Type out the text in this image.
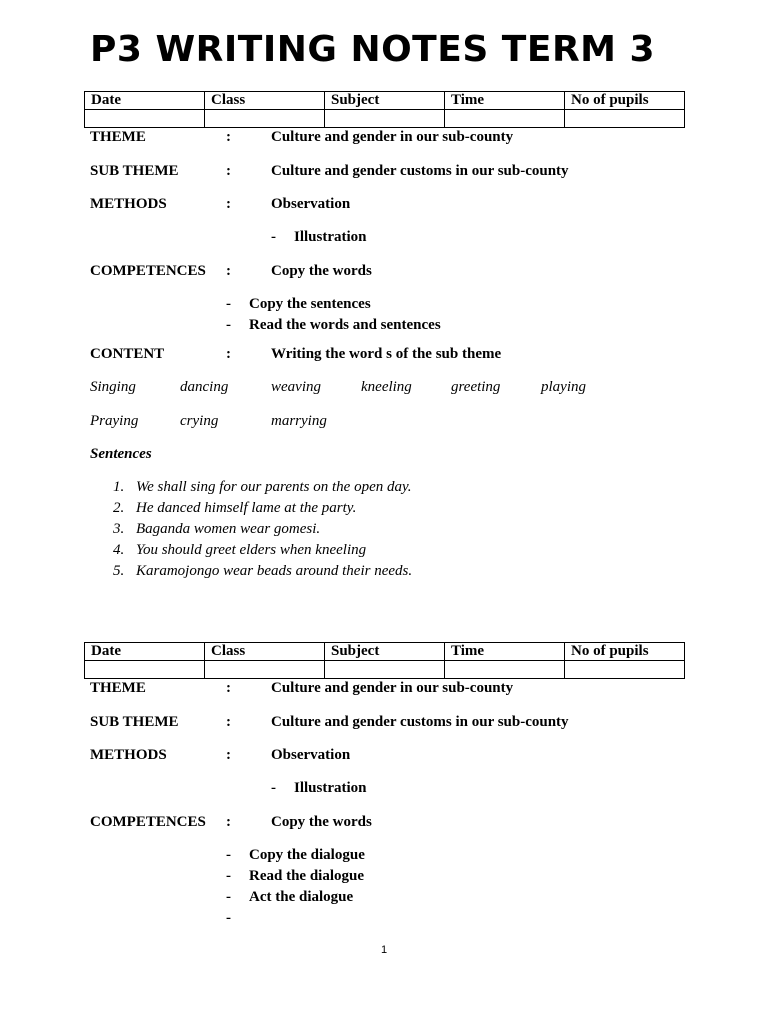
P3 WRITING NOTES TERM 3
Date	Class	Subject	Time	No of pupils

THEME	:	Culture and gender in our sub-county
SUB THEME	:	Culture and gender customs in our sub-county
METHODS	:	Observation
- Illustration
COMPETENCES :	Copy the words
- Copy the sentences
- Read the words and sentences
CONTENT	:	Writing the word s of the sub theme
Singing	dancing	weaving	kneeling	greeting	playing
Praying	crying	marrying
Sentences
1. We shall sing for our parents on the open day.
2. He danced himself lame at the party.
3. Baganda women wear gomesi.
4. You should greet elders when kneeling
5. Karamojongo wear beads around their needs.
Date	Class	Subject	Time	No of pupils

THEME	:	Culture and gender in our sub-county
SUB THEME	:	Culture and gender customs in our sub-county
METHODS	:	Observation
- Illustration
COMPETENCES :	Copy the words
- Copy the dialogue
- Read the dialogue
- Act the dialogue
-
1
